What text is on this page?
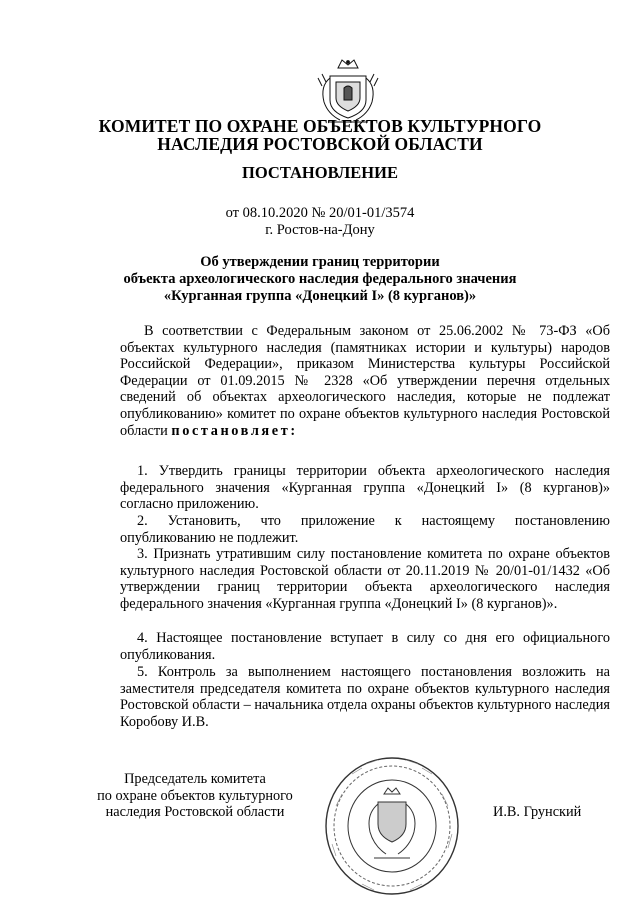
КОМИТЕТ ПО ОХРАНЕ ОБЪЕКТОВ КУЛЬТУРНОГО
НАСЛЕДИЯ РОСТОВСКОЙ ОБЛАСТИ
ПОСТАНОВЛЕНИЕ
от 08.10.2020 № 20/01-01/3574
г. Ростов-на-Дону
Об утверждении границ территории
объекта археологического наследия федерального значения
«Курганная группа «Донецкий I» (8 курганов)»
В соответствии с Федеральным законом от 25.06.2002 № 73-ФЗ «Об объектах культурного наследия (памятниках истории и культуры) народов Российской Федерации», приказом Министерства культуры Российской Федерации от 01.09.2015 № 2328 «Об утверждении перечня отдельных сведений об объектах археологического наследия, которые не подлежат опубликованию» комитет по охране объектов культурного наследия Ростовской области постановляет:
1. Утвердить границы территории объекта археологического наследия федерального значения «Курганная группа «Донецкий I» (8 курганов)» согласно приложению.
2. Установить, что приложение к настоящему постановлению опубликованию не подлежит.
3. Признать утратившим силу постановление комитета по охране объектов культурного наследия Ростовской области от 20.11.2019 № 20/01-01/1432 «Об утверждении границ территории объекта археологического наследия федерального значения «Курганная группа «Донецкий I» (8 курганов)».
4. Настоящее постановление вступает в силу со дня его официального опубликования.
5. Контроль за выполнением настоящего постановления возложить на заместителя председателя комитета по охране объектов культурного наследия Ростовской области – начальника отдела охраны объектов культурного наследия Коробову И.В.
Председатель комитета
по охране объектов культурного
наследия Ростовской области	И.В. Грунский
